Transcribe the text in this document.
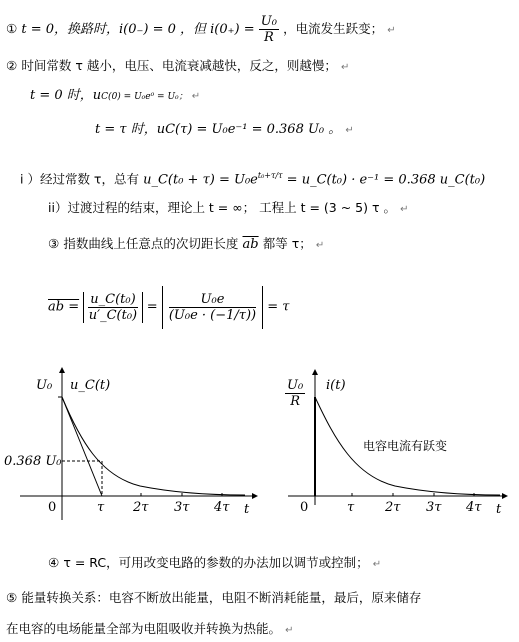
① t = 0，换路时，i(0₋) = 0 ，但 $i(0_+) = \frac{\text{U₀}}{R}$ ，电流发生跃变； ↵
② 时间常数 τ 越小，电压、电流衰减越快，反之，则越慢； ↵
t = 0 时，uC(0) = U₀e⁰ = U₀； ↵
t = τ 时，uC(τ) = U₀e⁻¹ = 0.368 U₀ 。 ↵
i ）经过常数 τ，总有 u_C(t₀ + $\tau) = U_0e^{t_0+\tau/\tau}$ = u_C(t₀) · e⁻¹ = 0.368 u_C(t₀)
ii）过渡过程的结束，理论上 t = ∞； 工程上 t = (3 ~ 5) τ 。 ↵
③ 指数曲线上任意点的次切距长度 $\overline{ab}$ 都等 τ； ↵
ab = $\frac{\text{u\_C(t₀)}}{\text{u′\_C(t₀)}} = \frac{\text{U₀e}}{\text{(U₀e · (−1/τ))}} = \tau$
U₀ u_C(t)
0.368 U₀
0	τ 2τ 3τ 4τ t
$\frac{\text{U₀}}{R} i(t)$
电容电流有跃变
0	τ 2τ 3τ 4τ t
④ τ = RC，可用改变电路的参数的办法加以调节或控制； ↵
⑤ 能量转换关系：电容不断放出能量，电阻不断消耗能量，最后，原来储存
在电容的电场能量全部为电阻吸收并转换为热能。 ↵
